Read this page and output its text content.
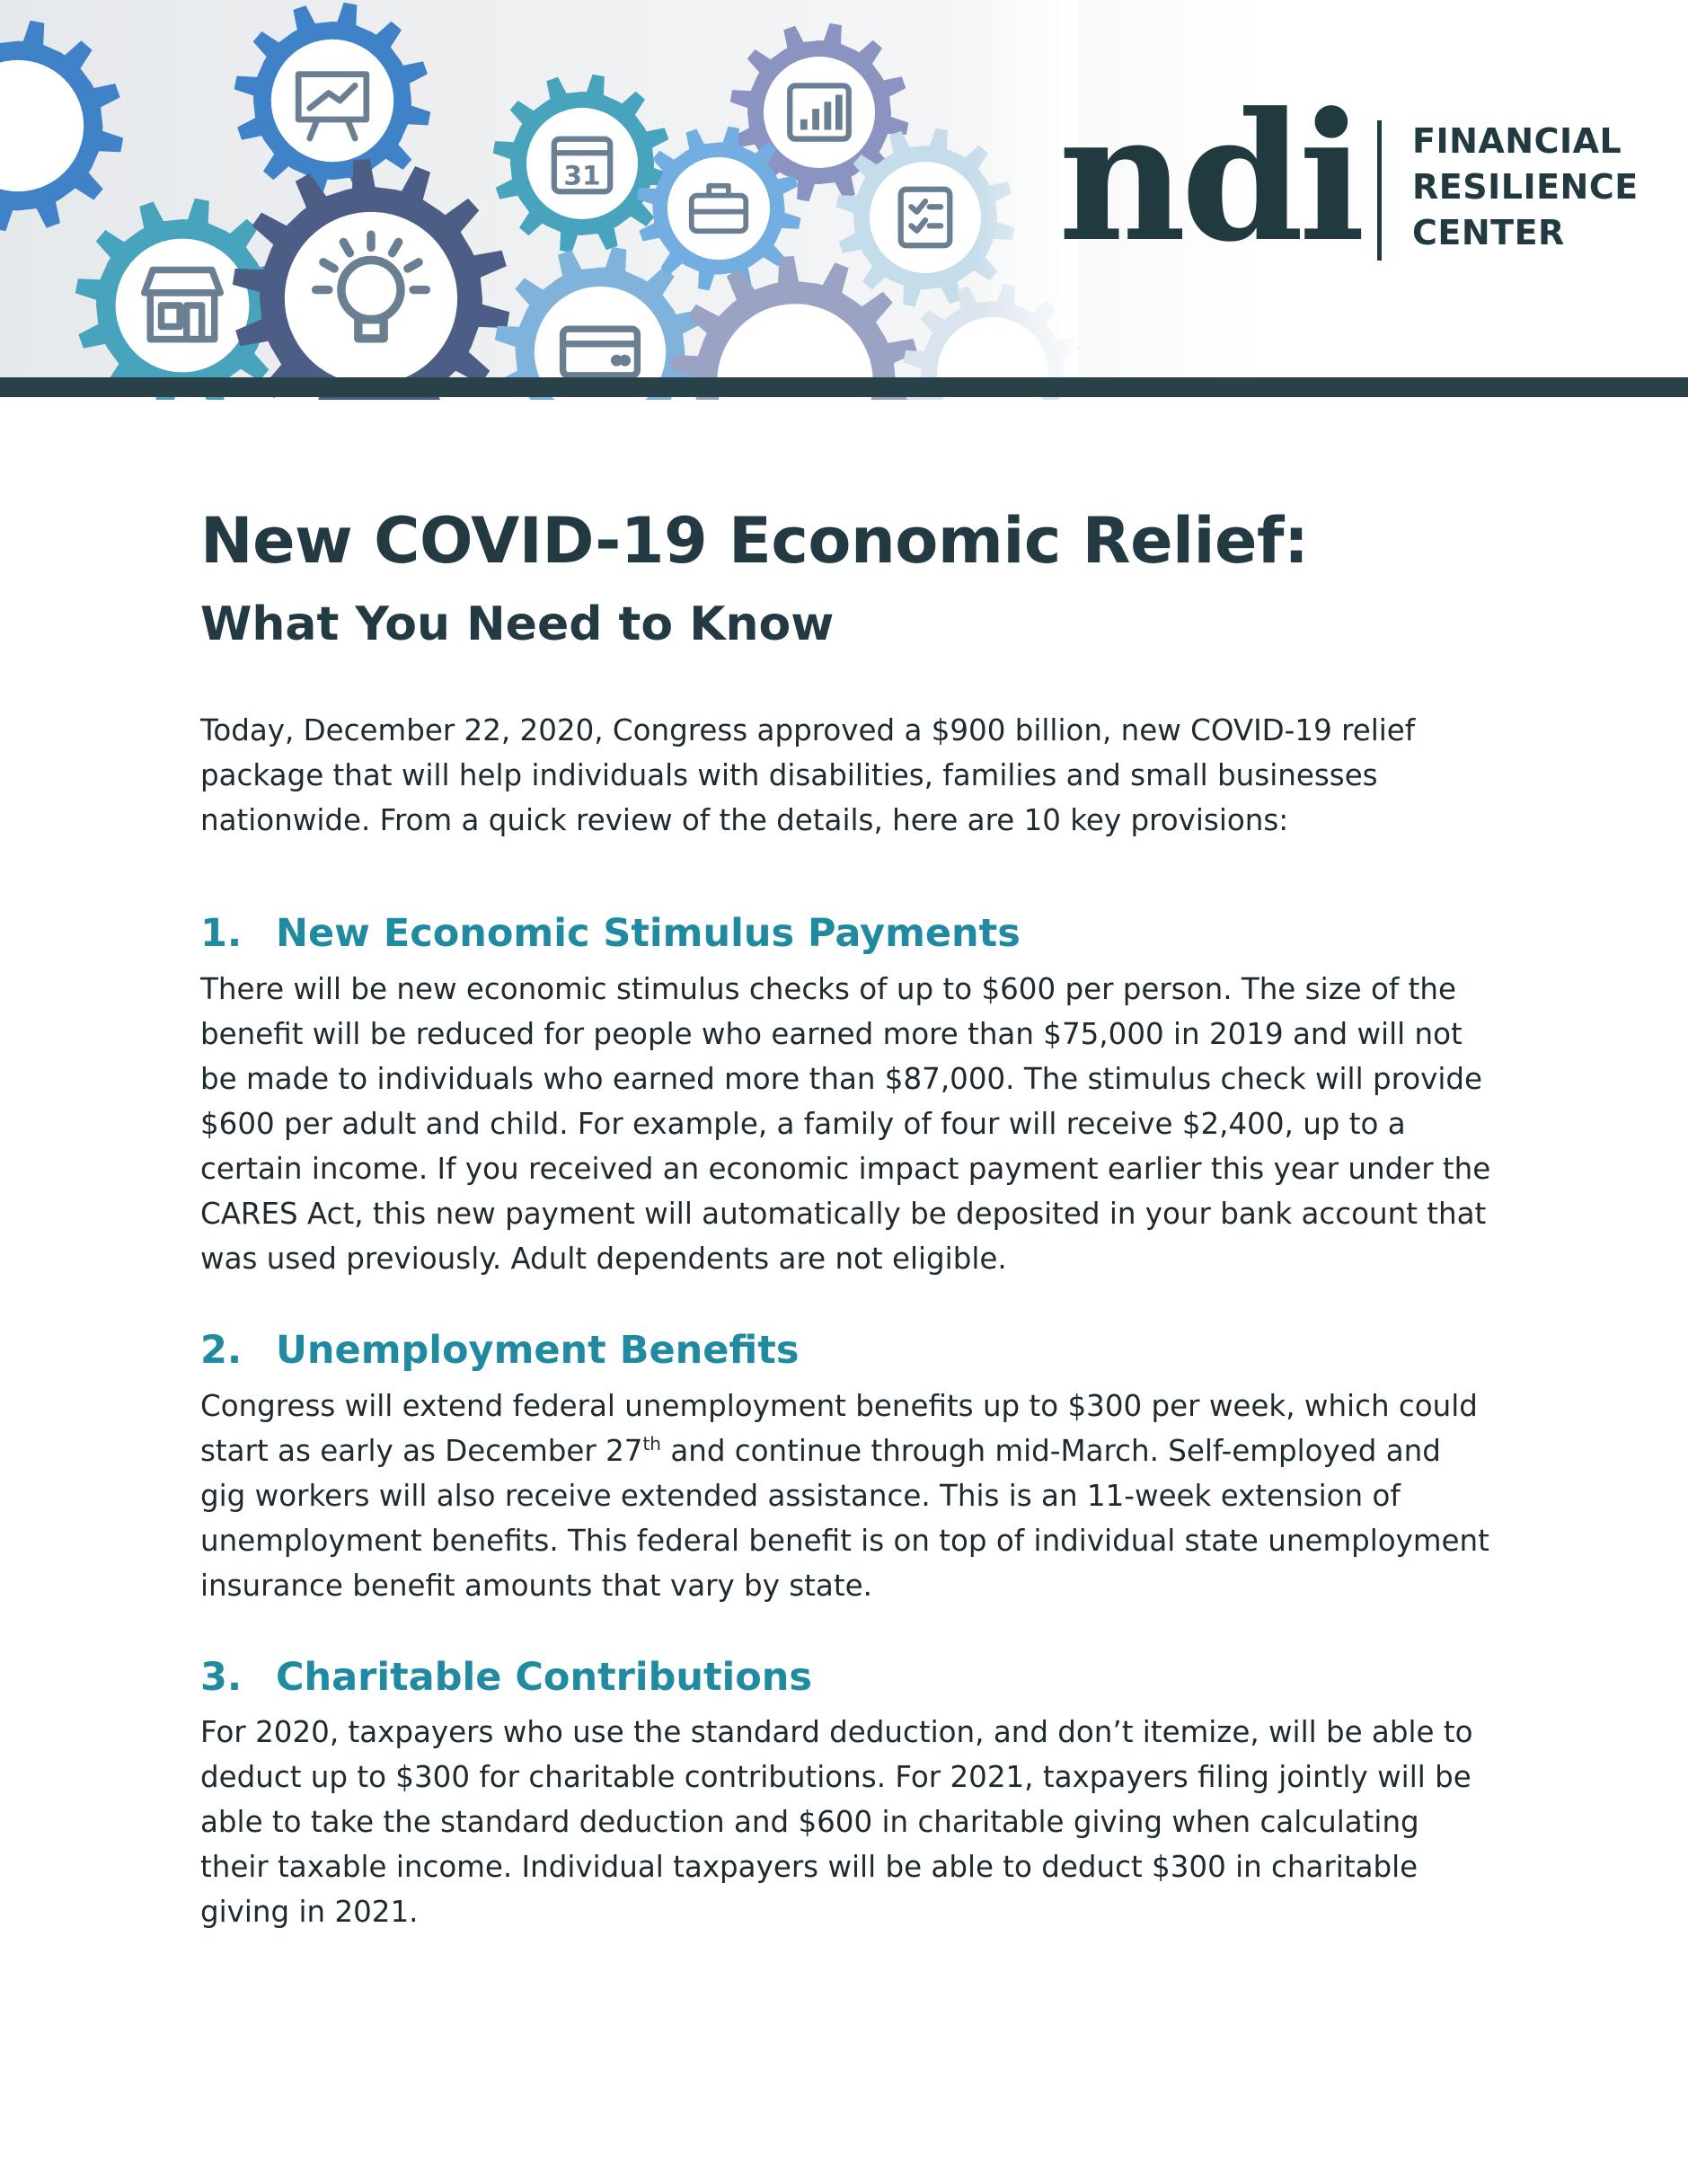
31	ndi FINANCIAL
RESILIENCE
CENTER
New COVID-19 Economic Relief:
What You Need to Know

Today, December 22, 2020, Congress approved a $900 billion, new COVID-19 relief package that will help individuals with disabilities, families and small businesses nationwide. From a quick review of the details, here are 10 key provisions:

1. New Economic Stimulus Payments

There will be new economic stimulus checks of up to $600 per person. The size of the benefit will be reduced for people who earned more than $75,000 in 2019 and will not be made to individuals who earned more than $87,000. The stimulus check will provide $600 per adult and child. For example, a family of four will receive $2,400, up to a certain income. If you received an economic impact payment earlier this year under the CARES Act, this new payment will automatically be deposited in your bank account that was used previously. Adult dependents are not eligible.

2. Unemployment Benefits

Congress will extend federal unemployment benefits up to $300 per week, which could start as early as December 27th and continue through mid-March. Self-employed and gig workers will also receive extended assistance. This is an 11-week extension of unemployment benefits. This federal benefit is on top of individual state unemployment insurance benefit amounts that vary by state.

3. Charitable Contributions

For 2020, taxpayers who use the standard deduction, and don’t itemize, will be able to deduct up to $300 for charitable contributions. For 2021, taxpayers filing jointly will be able to take the standard deduction and $600 in charitable giving when calculating their taxable income. Individual taxpayers will be able to deduct $300 in charitable giving in 2021.
